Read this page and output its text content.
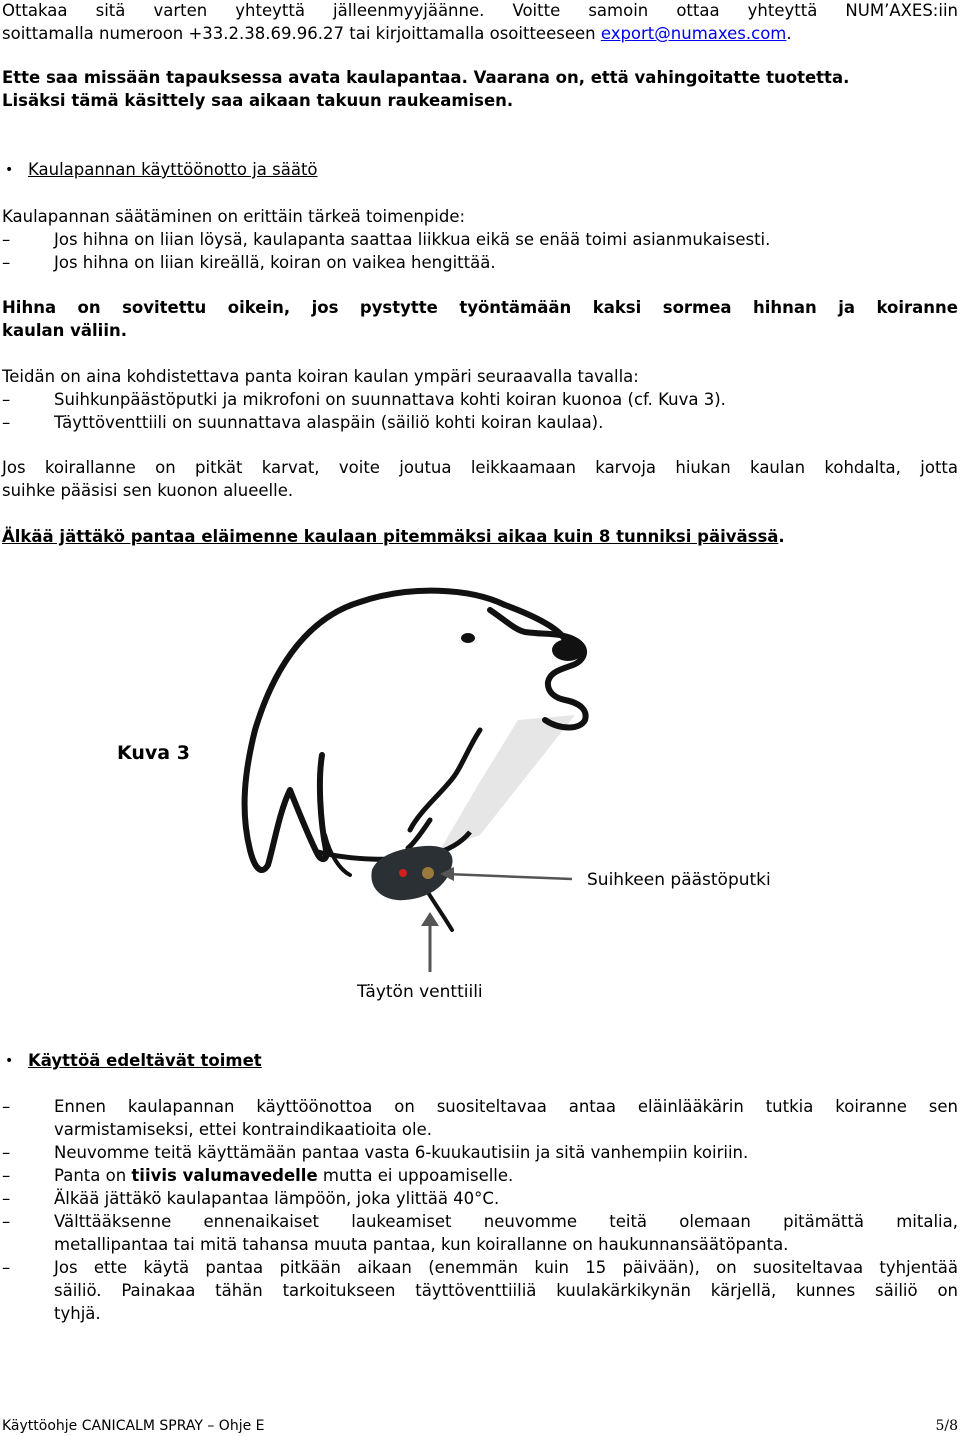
Ottakaa sitä varten yhteyttä jälleenmyyjäänne. Voitte samoin ottaa yhteyttä NUM’AXES:iin
soittamalla numeroon +33.2.38.69.96.27 tai kirjoittamalla osoitteeseen export@numaxes.com.
Ette saa missään tapauksessa avata kaulapantaa. Vaarana on, että vahingoitatte tuotetta.
Lisäksi tämä käsittely saa aikaan takuun raukeamisen.
• Kaulapannan käyttöönotto ja säätö
Kaulapannan säätäminen on erittäin tärkeä toimenpide:
–	Jos hihna on liian löysä, kaulapanta saattaa liikkua eikä se enää toimi asianmukaisesti.
–	Jos hihna on liian kireällä, koiran on vaikea hengittää.
Hihna on sovitettu oikein, jos pystytte työntämään kaksi sormea hihnan ja koiranne
kaulan väliin.
Teidän on aina kohdistettava panta koiran kaulan ympäri seuraavalla tavalla:
–	Suihkunpäästöputki ja mikrofoni on suunnattava kohti koiran kuonoa (cf. Kuva 3).
–	Täyttöventtiili on suunnattava alaspäin (säiliö kohti koiran kaulaa).
Jos koirallanne on pitkät karvat, voite joutua leikkaamaan karvoja hiukan kaulan kohdalta, jotta
suihke pääsisi sen kuonon alueelle.
Älkää jättäkö pantaa eläimenne kaulaan pitemmäksi aikaa kuin 8 tunniksi päivässä.
Kuva 3
Suihkeen päästöputki
Täytön venttiili
• Käyttöä edeltävät toimet
–	Ennen kaulapannan käyttöönottoa on suositeltavaa antaa eläinlääkärin tutkia koiranne sen
varmistamiseksi, ettei kontraindikaatioita ole.
–	Neuvomme teitä käyttämään pantaa vasta 6-kuukautisiin ja sitä vanhempiin koiriin.
–	Panta on tiivis valumavedelle mutta ei uppoamiselle.
–	Älkää jättäkö kaulapantaa lämpöön, joka ylittää 40°C.
–	Välttääksenne ennenaikaiset laukeamiset neuvomme teitä olemaan pitämättä mitalia,
metallipantaa tai mitä tahansa muuta pantaa, kun koirallanne on haukunnansäätöpanta.
–	Jos ette käytä pantaa pitkään aikaan (enemmän kuin 15 päivään), on suositeltavaa tyhjentää
säiliö. Painakaa tähän tarkoitukseen täyttöventtiiliä kuulakärkikynän kärjellä, kunnes säiliö on
tyhjä.
Käyttöohje CANICALM SPRAY – Ohje E	5/8
